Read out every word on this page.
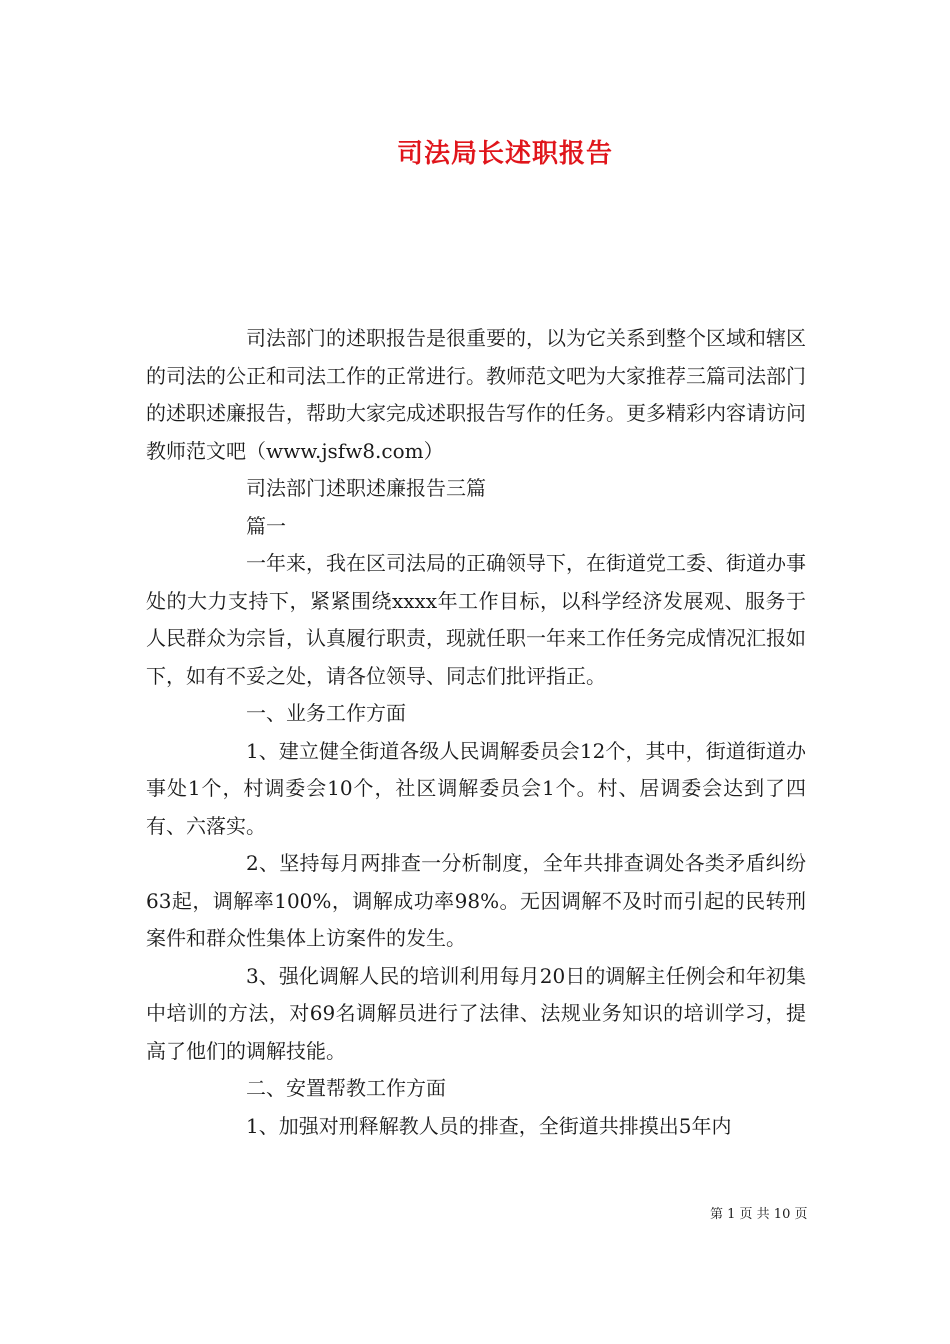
司法局长述职报告

司法部门的述职报告是很重要的，以为它关系到整个区域和辖区的司法的公正和司法工作的正常进行。教师范文吧为大家推荐三篇司法部门的述职述廉报告，帮助大家完成述职报告写作的任务。更多精彩内容请访问教师范文吧（www.jsfw8.com）

司法部门述职述廉报告三篇

篇一

一年来，我在区司法局的正确领导下，在街道党工委、街道办事处的大力支持下，紧紧围绕xxxx年工作目标，以科学经济发展观、服务于人民群众为宗旨，认真履行职责，现就任职一年来工作任务完成情况汇报如下，如有不妥之处，请各位领导、同志们批评指正。

一、业务工作方面

1、建立健全街道各级人民调解委员会12个，其中，街道街道办事处1个，村调委会10个，社区调解委员会1个。村、居调委会达到了四有、六落实。

2、坚持每月两排查一分析制度，全年共排查调处各类矛盾纠纷63起，调解率100%，调解成功率98%。无因调解不及时而引起的民转刑案件和群众性集体上访案件的发生。

3、强化调解人民的培训利用每月20日的调解主任例会和年初集中培训的方法，对69名调解员进行了法律、法规业务知识的培训学习，提高了他们的调解技能。

二、安置帮教工作方面

1、加强对刑释解教人员的排查，全街道共排摸出5年内

第 1 页 共 10 页
